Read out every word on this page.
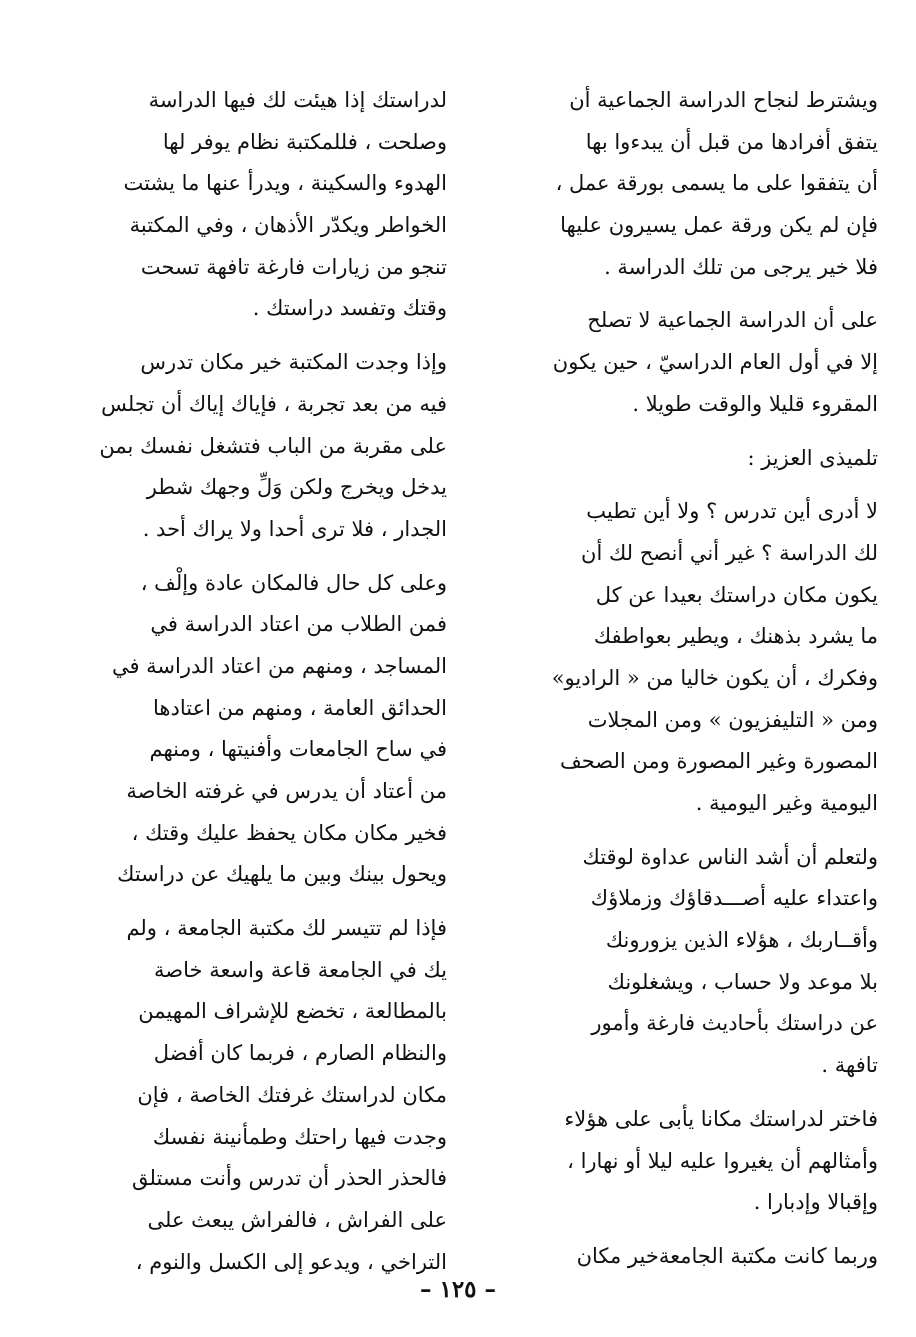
ويشترط لنجاح الدراسة الجماعية أن
يتفق أفرادها من قبل أن يبدءوا بها
أن يتفقوا على ما يسمى بورقة عمل ،
فإن لم يكن ورقة عمل يسيرون عليها
فلا خير يرجى من تلك الدراسة .
على أن الدراسة الجماعية لا تصلح
إلا في أول العام الدراسيّ ، حين يكون
المقروء قليلا والوقت طويلا .
تلميذى العزيز :
لا أدرى أين تدرس ؟ ولا أين تطيب
لك الدراسة ؟ غير أني أنصح لك أن
يكون مكان دراستك بعيدا عن كل
ما يشرد بذهنك ، ويطير بعواطفك
وفكرك ، أن يكون خاليا من « الراديو»
ومن « التليفزيون » ومن المجلات
المصورة وغير المصورة ومن الصحف
اليومية وغير اليومية .
ولتعلم أن أشد الناس عداوة لوقتك
واعتداء عليه أصـــدقاؤك وزملاؤك
وأقــاربك ، هؤلاء الذين يزورونك
بلا موعد ولا حساب ، ويشغلونك
عن دراستك بأحاديث فارغة وأمور
تافهة .
فاختر لدراستك مكانا يأبى على هؤلاء
وأمثالهم أن يغيروا عليه ليلا أو نهارا ،
وإقبالا وإدبارا .
وربما كانت مكتبة الجامعةخير مكان
لدراستك إذا هيئت لك فيها الدراسة
وصلحت ، فللمكتبة نظام يوفر لها
الهدوء والسكينة ، ويدرأ عنها ما يشتت
الخواطر ويكدّر الأذهان ، وفي المكتبة
تنجو من زيارات فارغة تافهة تسحت
وقتك وتفسد دراستك .
وإذا وجدت المكتبة خير مكان تدرس
فيه من بعد تجربة ، فإياك إياك أن تجلس
على مقربة من الباب فتشغل نفسك بمن
يدخل ويخرج ولكن وَلِّ وجهك شطر
الجدار ، فلا ترى أحدا ولا يراك أحد .
وعلى كل حال فالمكان عادة وإلْف ،
فمن الطلاب من اعتاد الدراسة في
المساجد ، ومنهم من اعتاد الدراسة في
الحدائق العامة ، ومنهم من اعتادها
في ساح الجامعات وأفنيتها ، ومنهم
من أعتاد أن يدرس في غرفته الخاصة
فخير مكان مكان يحفظ عليك وقتك ،
ويحول بينك وبين ما يلهيك عن دراستك
فإذا لم تتيسر لك مكتبة الجامعة ، ولم
يك في الجامعة قاعة واسعة خاصة
بالمطالعة ، تخضع للإشراف المهيمن
والنظام الصارم ، فربما كان أفضل
مكان لدراستك غرفتك الخاصة ، فإن
وجدت فيها راحتك وطمأنينة نفسك
فالحذر الحذر أن تدرس وأنت مستلق
على الفراش ، فالفراش يبعث على
التراخي ، ويدعو إلى الكسل والنوم ،
– ١٢٥ –
